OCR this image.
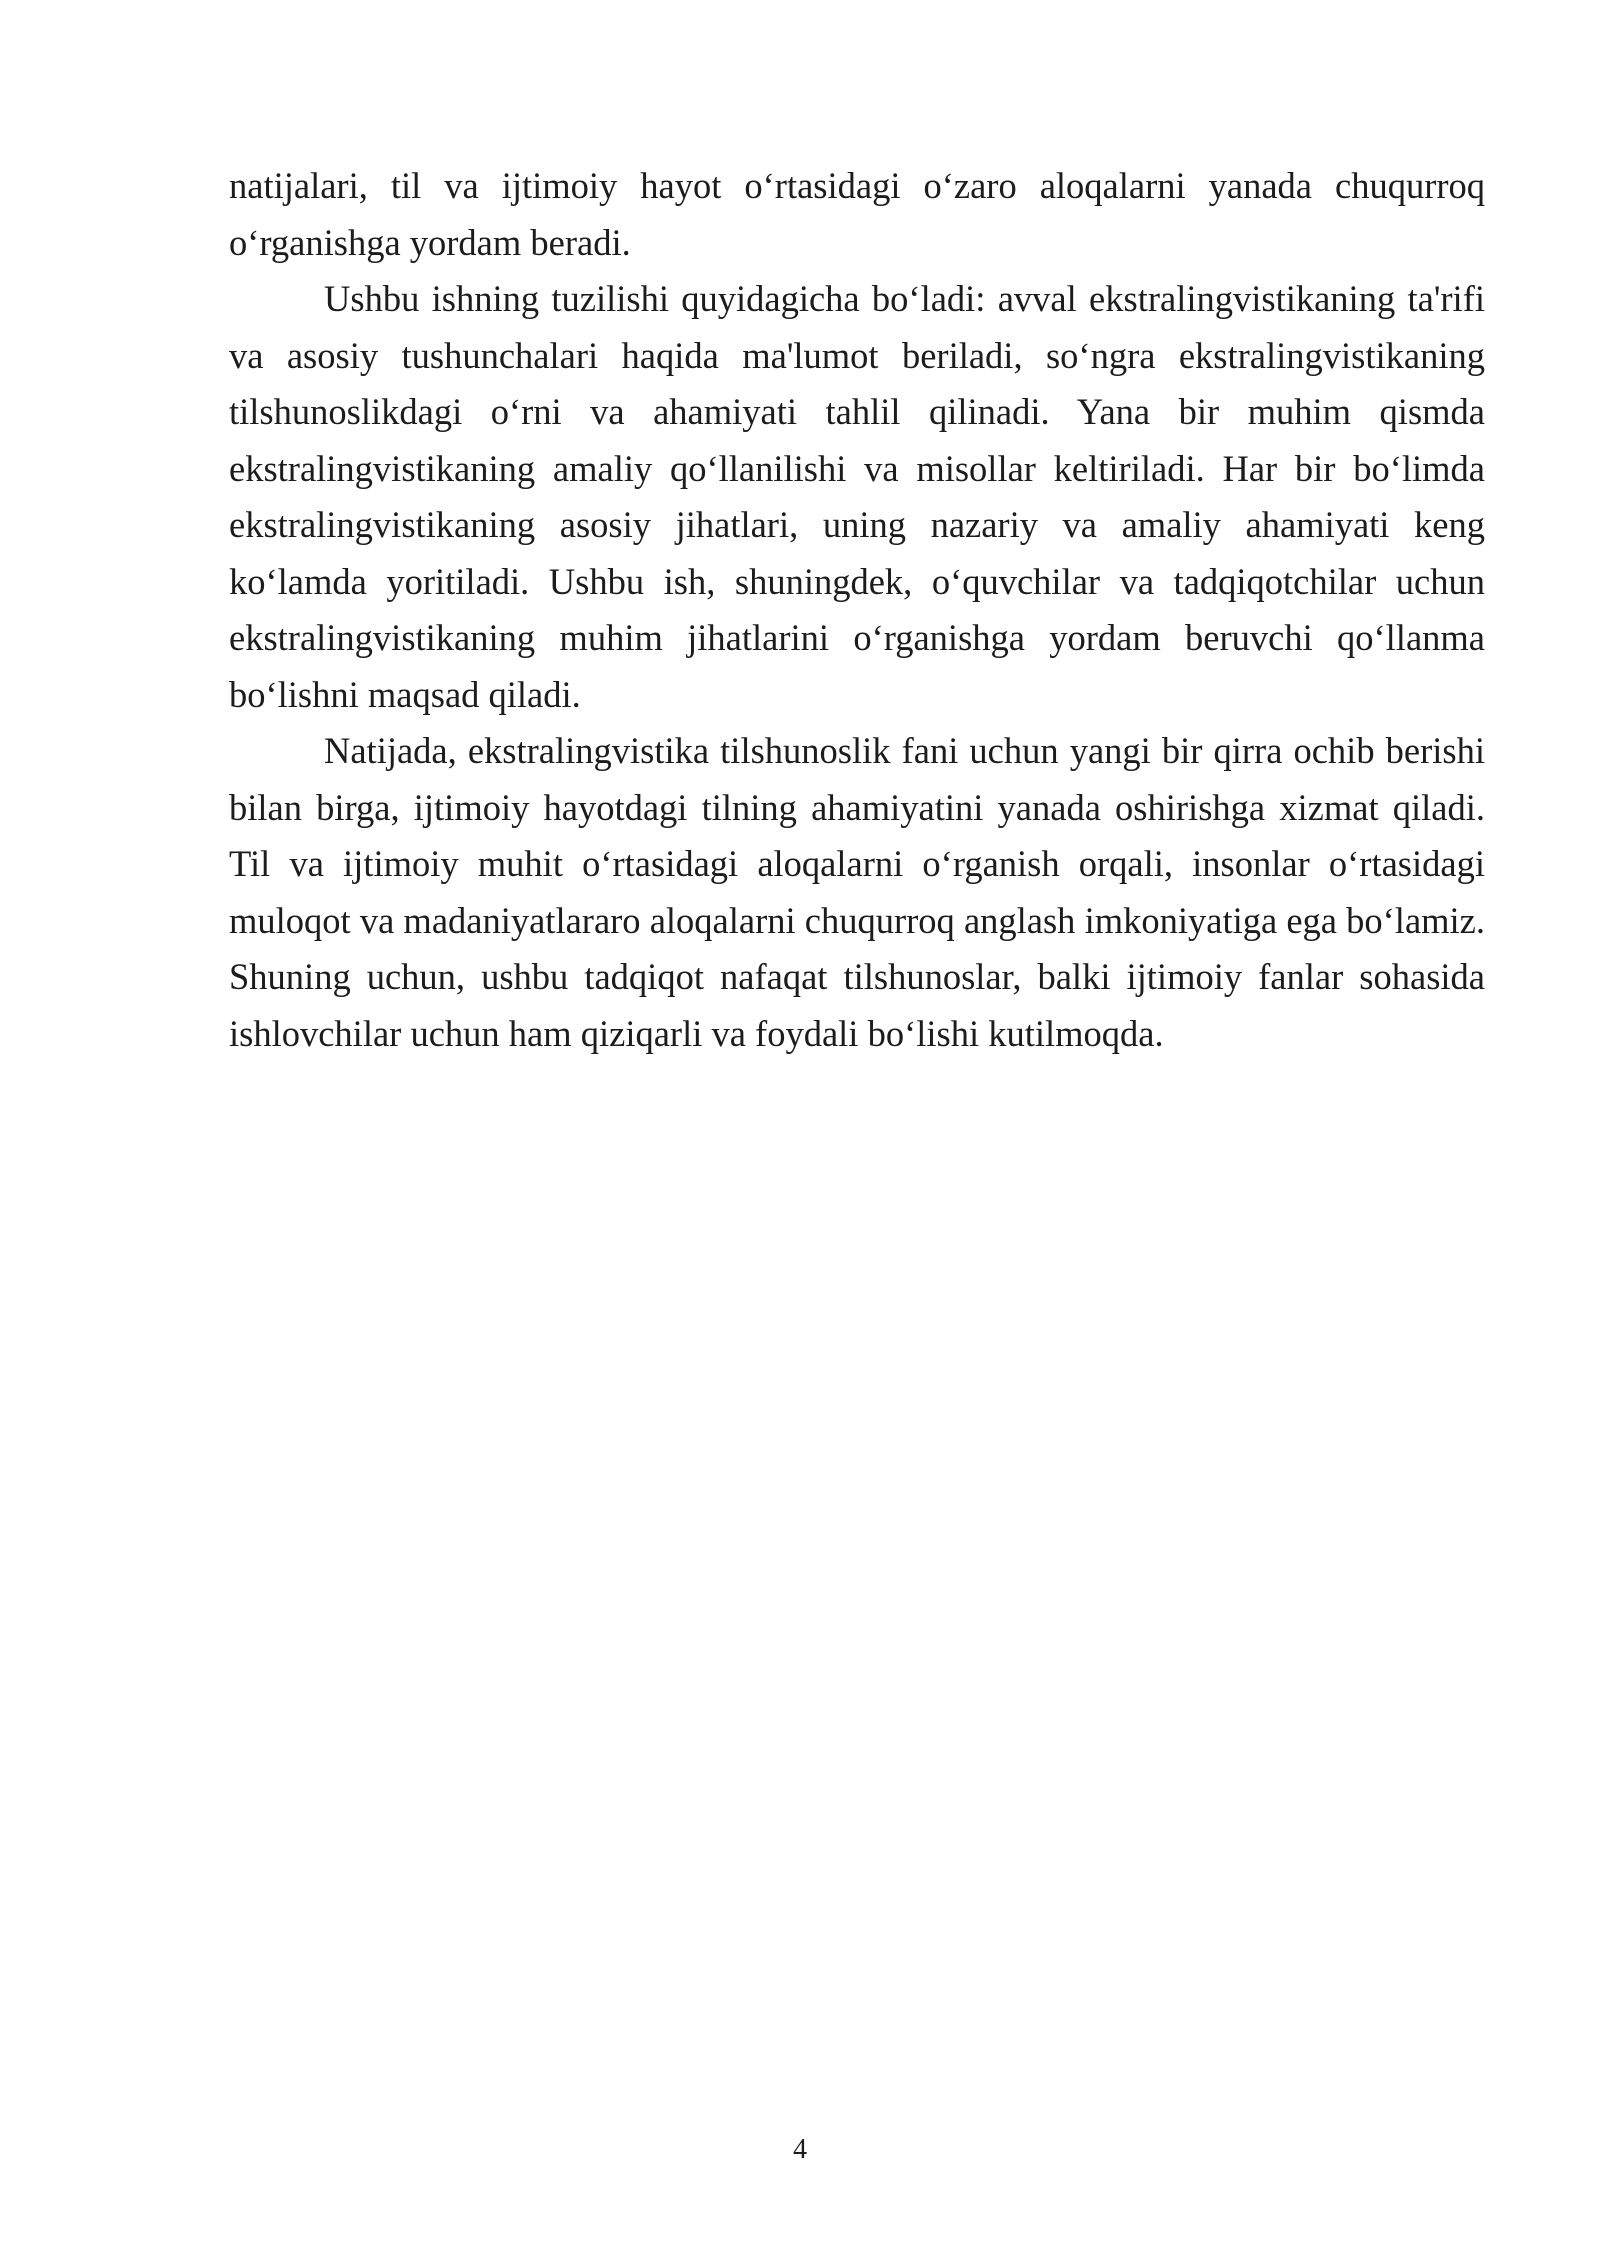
natijalari, til va ijtimoiy hayot o‘rtasidagi o‘zaro aloqalarni yanada chuqurroq o‘rganishga yordam beradi.

Ushbu ishning tuzilishi quyidagicha bo‘ladi: avval ekstralingvistikaning ta'rifi va asosiy tushunchalari haqida ma'lumot beriladi, so‘ngra ekstralingvistikaning tilshunoslikdagi o‘rni va ahamiyati tahlil qilinadi. Yana bir muhim qismda ekstralingvistikaning amaliy qo‘llanilishi va misollar keltiriladi. Har bir bo‘limda ekstralingvistikaning asosiy jihatlari, uning nazariy va amaliy ahamiyati keng ko‘lamda yoritiladi. Ushbu ish, shuningdek, o‘quvchilar va tadqiqotchilar uchun ekstralingvistikaning muhim jihatlarini o‘rganishga yordam beruvchi qo‘llanma bo‘lishni maqsad qiladi.

Natijada, ekstralingvistika tilshunoslik fani uchun yangi bir qirra ochib berishi bilan birga, ijtimoiy hayotdagi tilning ahamiyatini yanada oshirishga xizmat qiladi. Til va ijtimoiy muhit o‘rtasidagi aloqalarni o‘rganish orqali, insonlar o‘rtasidagi muloqot va madaniyatlararo aloqalarni chuqurroq anglash imkoniyatiga ega bo‘lamiz. Shuning uchun, ushbu tadqiqot nafaqat tilshunoslar, balki ijtimoiy fanlar sohasida ishlovchilar uchun ham qiziqarli va foydali bo‘lishi kutilmoqda.

4
